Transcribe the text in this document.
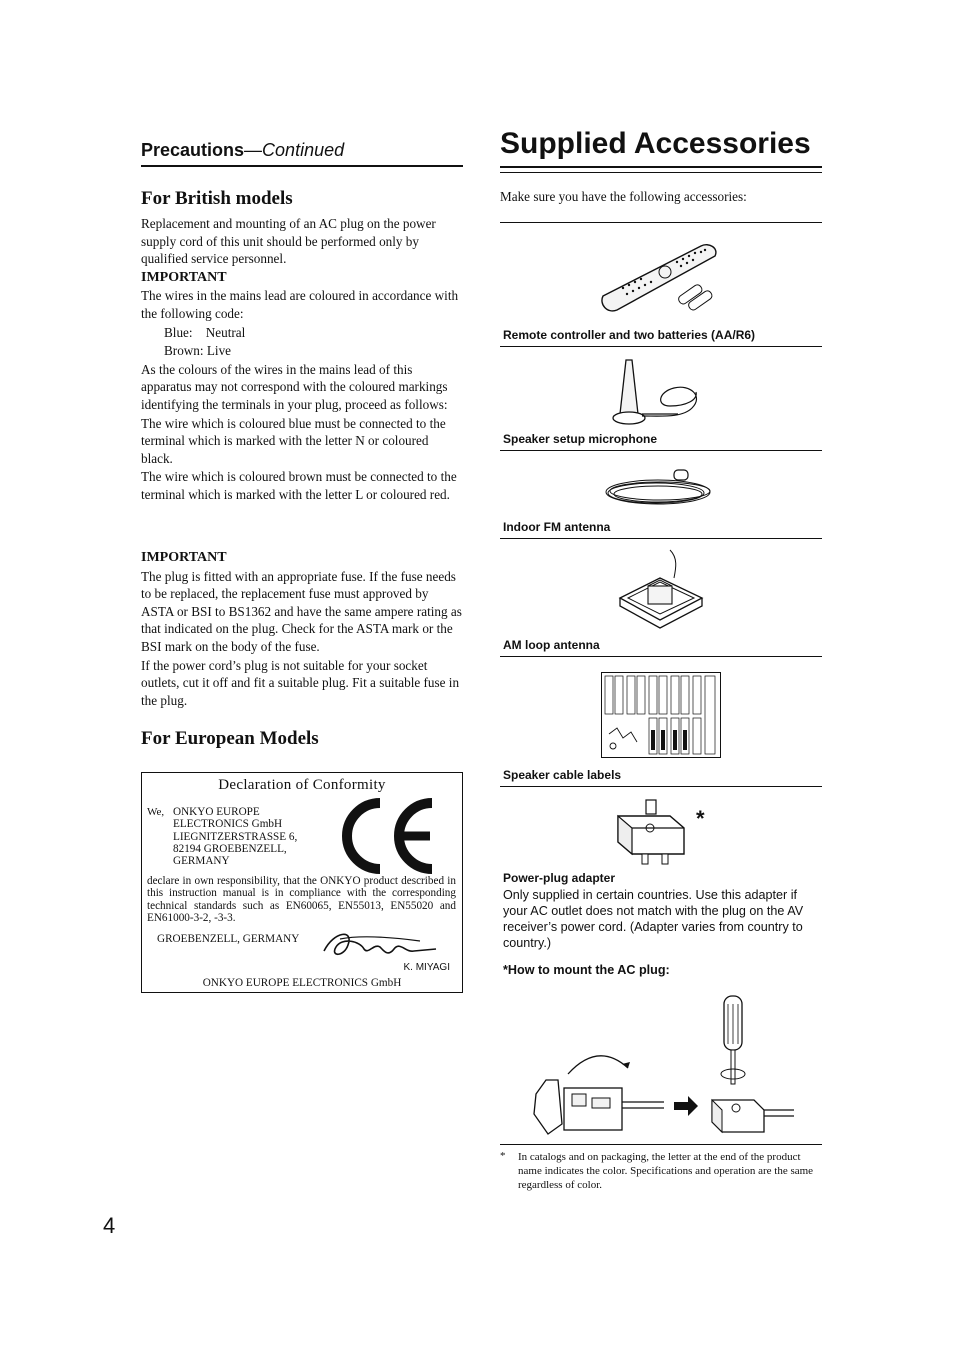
Precautions—Continued
For British models

Replacement and mounting of an AC plug on the power supply cord of this unit should be performed only by qualified service personnel.

IMPORTANT

The wires in the mains lead are coloured in accordance with the following code:

Blue:    Neutral

Brown: Live

As the colours of the wires in the mains lead of this apparatus may not correspond with the coloured markings identifying the terminals in your plug, proceed as follows:

The wire which is coloured blue must be connected to the terminal which is marked with the letter N or coloured black.

The wire which is coloured brown must be connected to the terminal which is marked with the letter L or coloured red.

IMPORTANT

The plug is fitted with an appropriate fuse. If the fuse needs to be replaced, the replacement fuse must approved by ASTA or BSI to BS1362 and have the same ampere rating as that indicated on the plug. Check for the ASTA mark or the BSI mark on the body of the fuse.

If the power cord’s plug is not suitable for your socket outlets, cut it off and fit a suitable plug. Fit a suitable fuse in the plug.

For European Models
Declaration of Conformity
We, ONKYO EUROPE
ELECTRONICS GmbH
LIEGNITZERSTRASSE 6,
82194 GROEBENZELL,
GERMANY
declare in own responsibility, that the ONKYO product described in this instruction manual is in compliance with the corresponding technical standards such as EN60065, EN55013, EN55020 and EN61000-3-2, -3-3.
GROEBENZELL, GERMANY
K. MIYAGI
ONKYO EUROPE ELECTRONICS GmbH
Supplied Accessories
Make sure you have the following accessories:
Remote controller and two batteries (AA/R6)
Speaker setup microphone
Indoor FM antenna
AM loop antenna
Speaker cable labels
*
Power-plug adapter
Only supplied in certain countries. Use this adapter if your AC outlet does not match with the plug on the AV receiver’s power cord. (Adapter varies from country to country.)
*How to mount the AC plug:
* In catalogs and on packaging, the letter at the end of the product name indicates the color. Specifications and operation are the same regardless of color.
4
